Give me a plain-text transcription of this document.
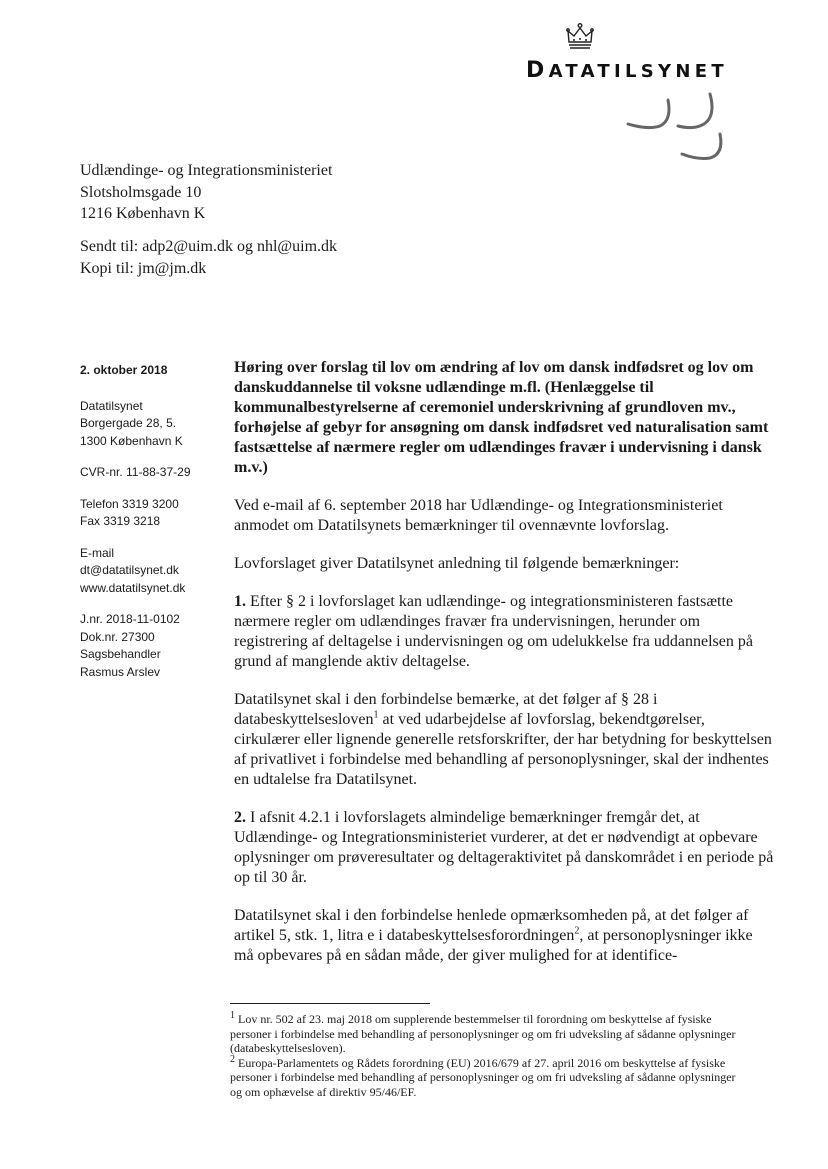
DATATILSYNET
Udlændinge- og Integrationsministeriet
Slotsholmsgade 10
1216 København K
Sendt til: adp2@uim.dk og nhl@uim.dk
Kopi til: jm@jm.dk
2. oktober 2018
Datatilsynet
Borgergade 28, 5.
1300 København K
CVR-nr. 11-88-37-29
Telefon 3319 3200
Fax 3319 3218
E-mail
dt@datatilsynet.dk
www.datatilsynet.dk
J.nr. 2018-11-0102
Dok.nr. 27300
Sagsbehandler
Rasmus Arslev

Høring over forslag til lov om ændring af lov om dansk indfødsret og lov om danskuddannelse til voksne udlændinge m.fl. (Henlæggelse til kommunalbestyrelserne af ceremoniel underskrivning af grundloven mv., forhøjelse af gebyr for ansøgning om dansk indfødsret ved naturalisation samt fastsættelse af nærmere regler om udlændinges fravær i undervisning i dansk m.v.)

Ved e-mail af 6. september 2018 har Udlændinge- og Integrationsministeriet anmodet om Datatilsynets bemærkninger til ovennævnte lovforslag.

Lovforslaget giver Datatilsynet anledning til følgende bemærkninger:

1. Efter § 2 i lovforslaget kan udlændinge- og integrationsministeren fastsætte nærmere regler om udlændinges fravær fra undervisningen, herunder om registrering af deltagelse i undervisningen og om udelukkelse fra uddannelsen på grund af manglende aktiv deltagelse.

Datatilsynet skal i den forbindelse bemærke, at det følger af § 28 i databeskyttelsesloven$^1$ at ved udarbejdelse af lovforslag, bekendtgørelser, cirkulærer eller lignende generelle retsforskrifter, der har betydning for beskyttelsen af privatlivet i forbindelse med behandling af personoplysninger, skal der indhentes en udtalelse fra Datatilsynet.

2. I afsnit 4.2.1 i lovforslagets almindelige bemærkninger fremgår det, at Udlændinge- og Integrationsministeriet vurderer, at det er nødvendigt at opbevare oplysninger om prøveresultater og deltageraktivitet på danskområdet i en periode på op til 30 år.

Datatilsynet skal i den forbindelse henlede opmærksomheden på, at det følger af artikel 5, stk. 1, litra e i databeskyttelsesforordningen$^2$, at personoplysninger ikke må opbevares på en sådan måde, der giver mulighed for at identifice-

$^1$ Lov nr. 502 af 23. maj 2018 om supplerende bestemmelser til forordning om beskyttelse af fysiske personer i forbindelse med behandling af personoplysninger og om fri udveksling af sådanne oplysninger (databeskyttelsesloven).

$^2$ Europa-Parlamentets og Rådets forordning (EU) 2016/679 af 27. april 2016 om beskyttelse af fysiske personer i forbindelse med behandling af personoplysninger og om fri udveksling af sådanne oplysninger og om ophævelse af direktiv 95/46/EF.
